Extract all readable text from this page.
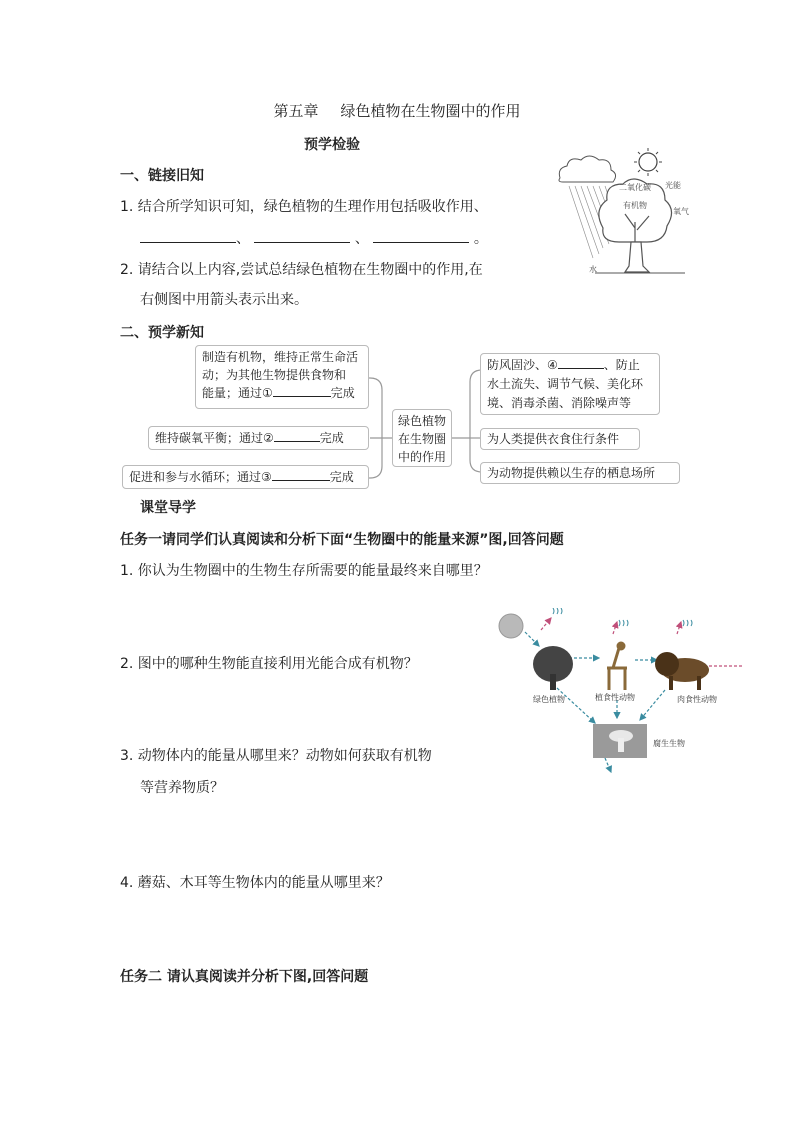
第五章 绿色植物在生物圈中的作用
预学检验
一、链接旧知
1. 结合所学知识可知，绿色植物的生理作用包括吸收作用、
、	、	。
2. 请结合以上内容,尝试总结绿色植物在生物圈中的作用,在
右侧图中用箭头表示出来。
二氧化碳 光能
有机物
氧气
水
二、预学新知
制造有机物，维持正常生命活
动；为其他生物提供食物和
能量；通过①	完成
维持碳氧平衡；通过②	完成
促进和参与水循环；通过③	完成
绿色植物
在生物圈
中的作用
防风固沙、④	、防止
水土流失、调节气候、美化环
境、消毒杀菌、消除噪声等
为人类提供衣食住行条件
为动物提供赖以生存的栖息场所
课堂导学
任务一请同学们认真阅读和分析下面“生物圈中的能量来源”图,回答问题
1. 你认为生物圈中的生物生存所需要的能量最终来自哪里？
2. 图中的哪种生物能直接利用光能合成有机物？
3. 动物体内的能量从哪里来？动物如何获取有机物
等营养物质？
4. 蘑菇、木耳等生物体内的能量从哪里来？
任务二 请认真阅读并分析下图,回答问题
绿色植物	植食性动物	肉食性动物
腐生生物
